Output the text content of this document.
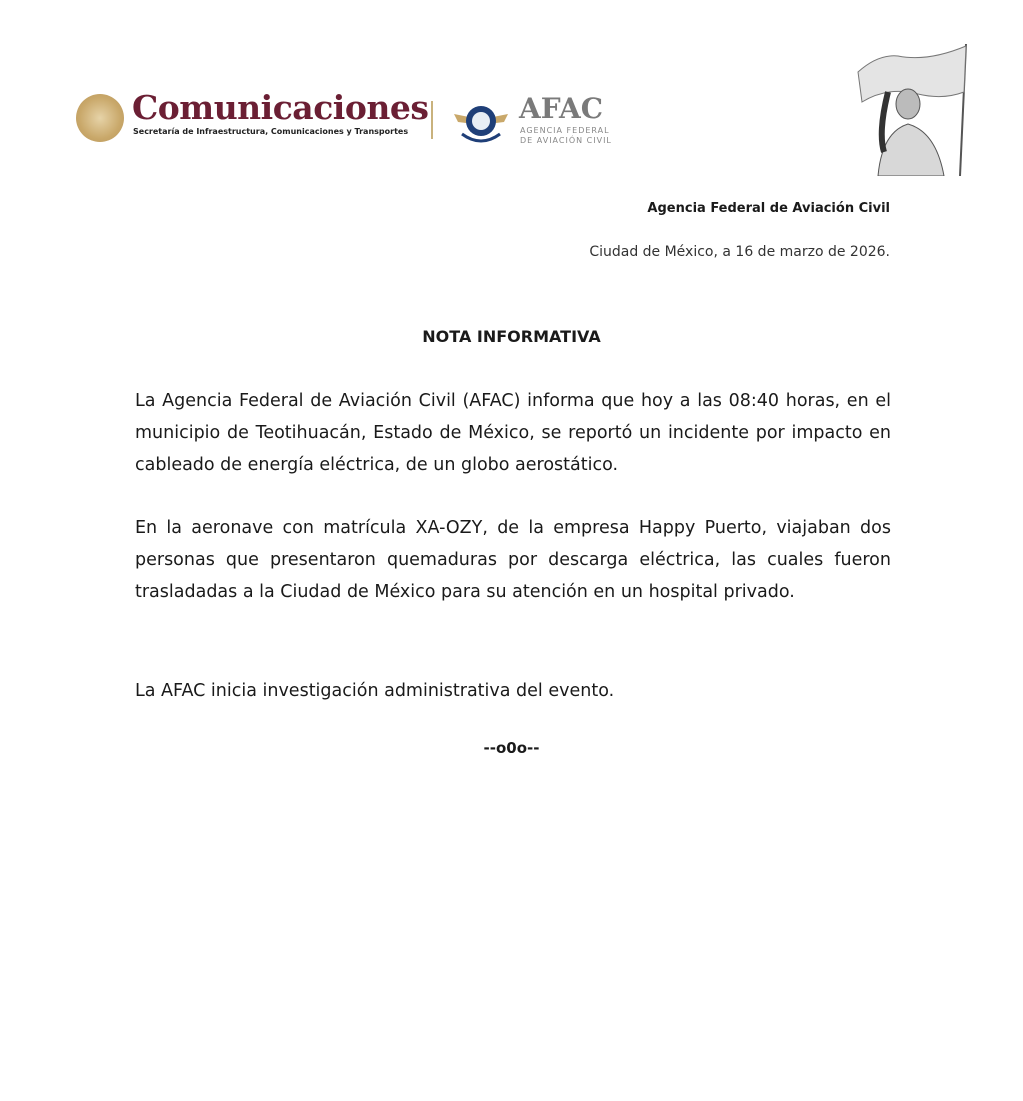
Comunicaciones
Secretaría de Infraestructura, Comunicaciones y Transportes
AFAC
AGENCIA FEDERAL
DE AVIACIÓN CIVIL
Agencia Federal de Aviación Civil
Ciudad de México, a 16 de marzo de 2026.
NOTA INFORMATIVA
La Agencia Federal de Aviación Civil (AFAC) informa que hoy a las 08:40 horas, en el municipio de Teotihuacán, Estado de México, se reportó un incidente por impacto en cableado de energía eléctrica, de un globo aerostático.
En la aeronave con matrícula XA-OZY, de la empresa Happy Puerto, viajaban dos personas que presentaron quemaduras por descarga eléctrica, las cuales fueron trasladadas a la Ciudad de México para su atención en un hospital privado.
La AFAC inicia investigación administrativa del evento.
--o0o--
